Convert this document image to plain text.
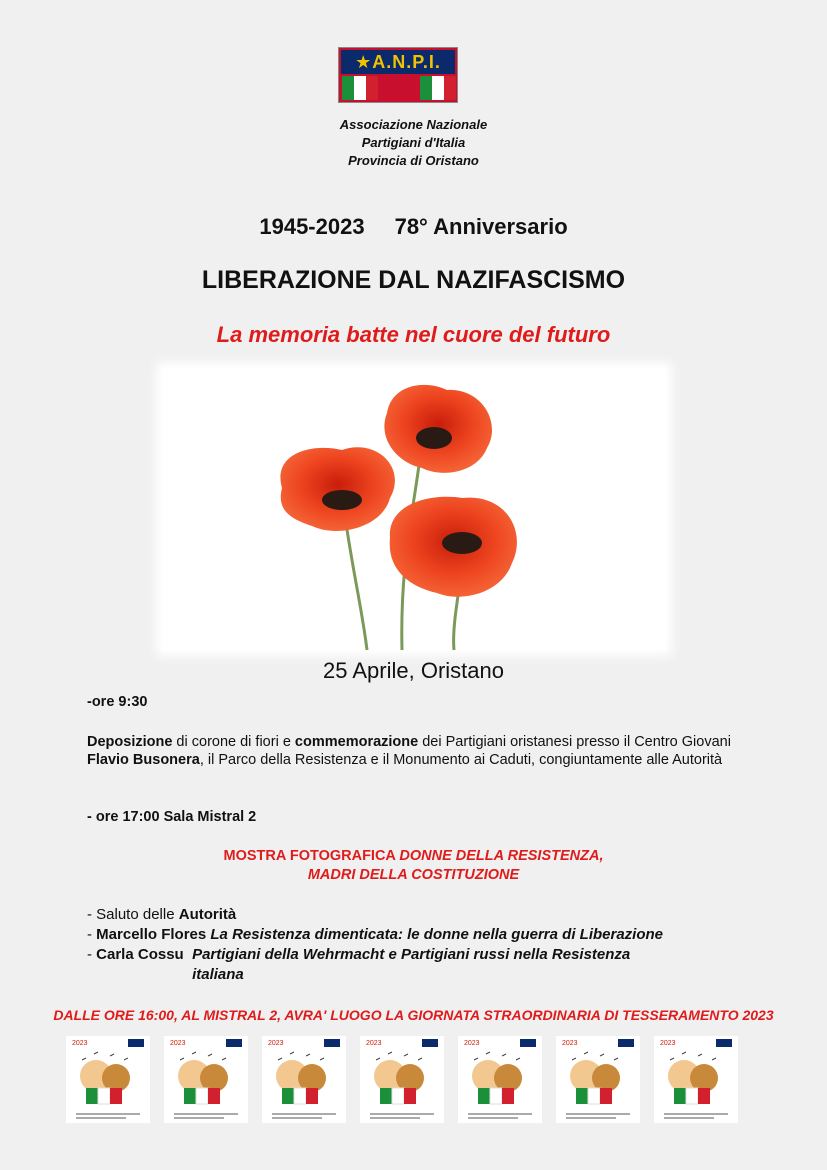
★A.N.P.I.
Associazione Nazionale
Partigiani d'Italia
Provincia di Oristano
1945-2023 78° Anniversario
LIBERAZIONE DAL NAZIFASCISMO
La memoria batte nel cuore del futuro
25 Aprile, Oristano
-ore 9:30
Deposizione di corone di fiori e commemorazione dei Partigiani oristanesi presso il Centro Giovani Flavio Busonera, il Parco della Resistenza e il Monumento ai Caduti, congiuntamente alle Autorità
- ore 17:00 Sala Mistral 2
MOSTRA FOTOGRAFICA DONNE DELLA RESISTENZA,
MADRI DELLA COSTITUZIONE
- Saluto delle Autorità
- Marcello Flores La Resistenza dimenticata: le donne nella guerra di Liberazione
- Carla Cossu Partigiani della Wehrmacht e Partigiani russi nella Resistenza italiana
DALLE ORE 16:00, AL MISTRAL 2, AVRA' LUOGO LA GIORNATA STRAORDINARIA DI TESSERAMENTO 2023
2023	2023	2023	2023	2023	2023	2023
